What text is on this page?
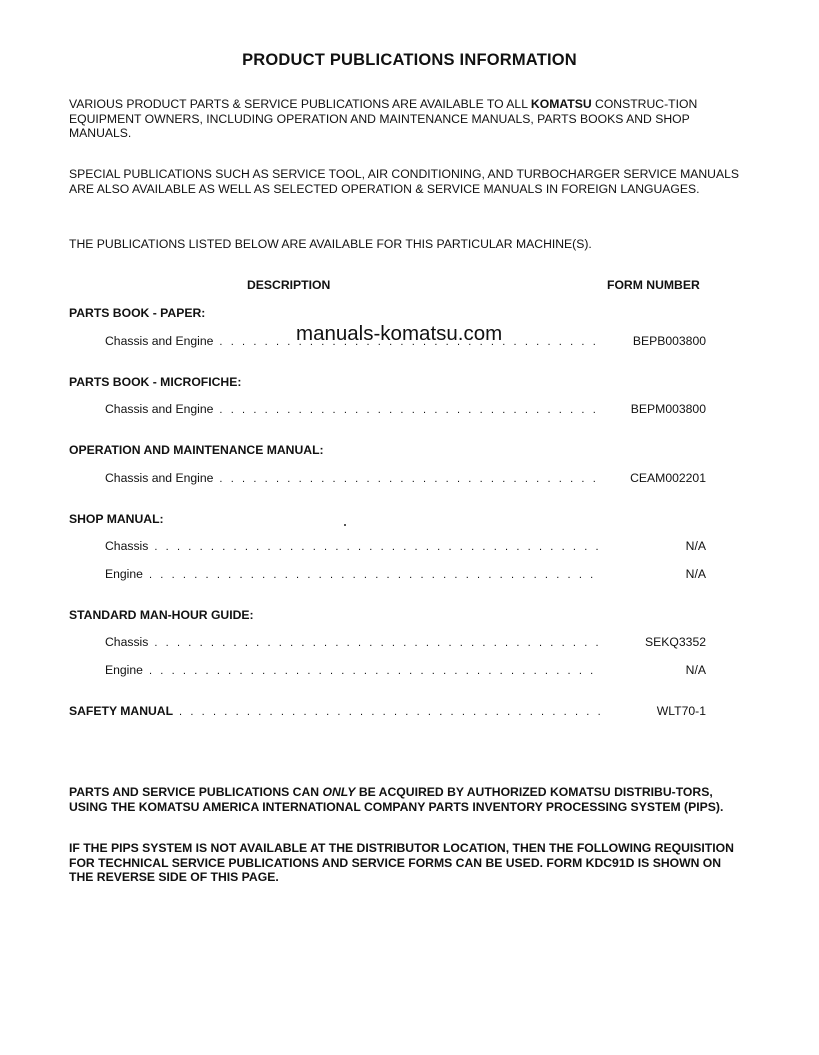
PRODUCT PUBLICATIONS INFORMATION
VARIOUS PRODUCT PARTS & SERVICE PUBLICATIONS ARE AVAILABLE TO ALL KOMATSU CONSTRUC-TION EQUIPMENT OWNERS, INCLUDING OPERATION AND MAINTENANCE MANUALS, PARTS BOOKS AND SHOP MANUALS.
SPECIAL PUBLICATIONS SUCH AS SERVICE TOOL, AIR CONDITIONING, AND TURBOCHARGER SERVICE MANUALS ARE ALSO AVAILABLE AS WELL AS SELECTED OPERATION & SERVICE MANUALS IN FOREIGN LANGUAGES.
THE PUBLICATIONS LISTED BELOW ARE AVAILABLE FOR THIS PARTICULAR MACHINE(S).
DESCRIPTION	FORM NUMBER
manuals-komatsu.com
PARTS BOOK - PAPER:
Chassis and Engine . . .	BEPB003800
PARTS BOOK - MICROFICHE:
Chassis and Engine . . .	BEPM003800
OPERATION AND MAINTENANCE MANUAL:
Chassis and Engine . . .	CEAM002201
SHOP MANUAL:
Chassis . . .	N/A
Engine . . .	N/A
STANDARD MAN-HOUR GUIDE:
Chassis . . .	SEKQ3352
Engine . . .	N/A
SAFETY MANUAL . . .	WLT70-1
PARTS AND SERVICE PUBLICATIONS CAN ONLY BE ACQUIRED BY AUTHORIZED KOMATSU DISTRIBU-TORS, USING THE KOMATSU AMERICA INTERNATIONAL COMPANY PARTS INVENTORY PROCESSING SYSTEM (PIPS).
IF THE PIPS SYSTEM IS NOT AVAILABLE AT THE DISTRIBUTOR LOCATION, THEN THE FOLLOWING REQUISITION FOR TECHNICAL SERVICE PUBLICATIONS AND SERVICE FORMS CAN BE USED. FORM KDC91D IS SHOWN ON THE REVERSE SIDE OF THIS PAGE.
